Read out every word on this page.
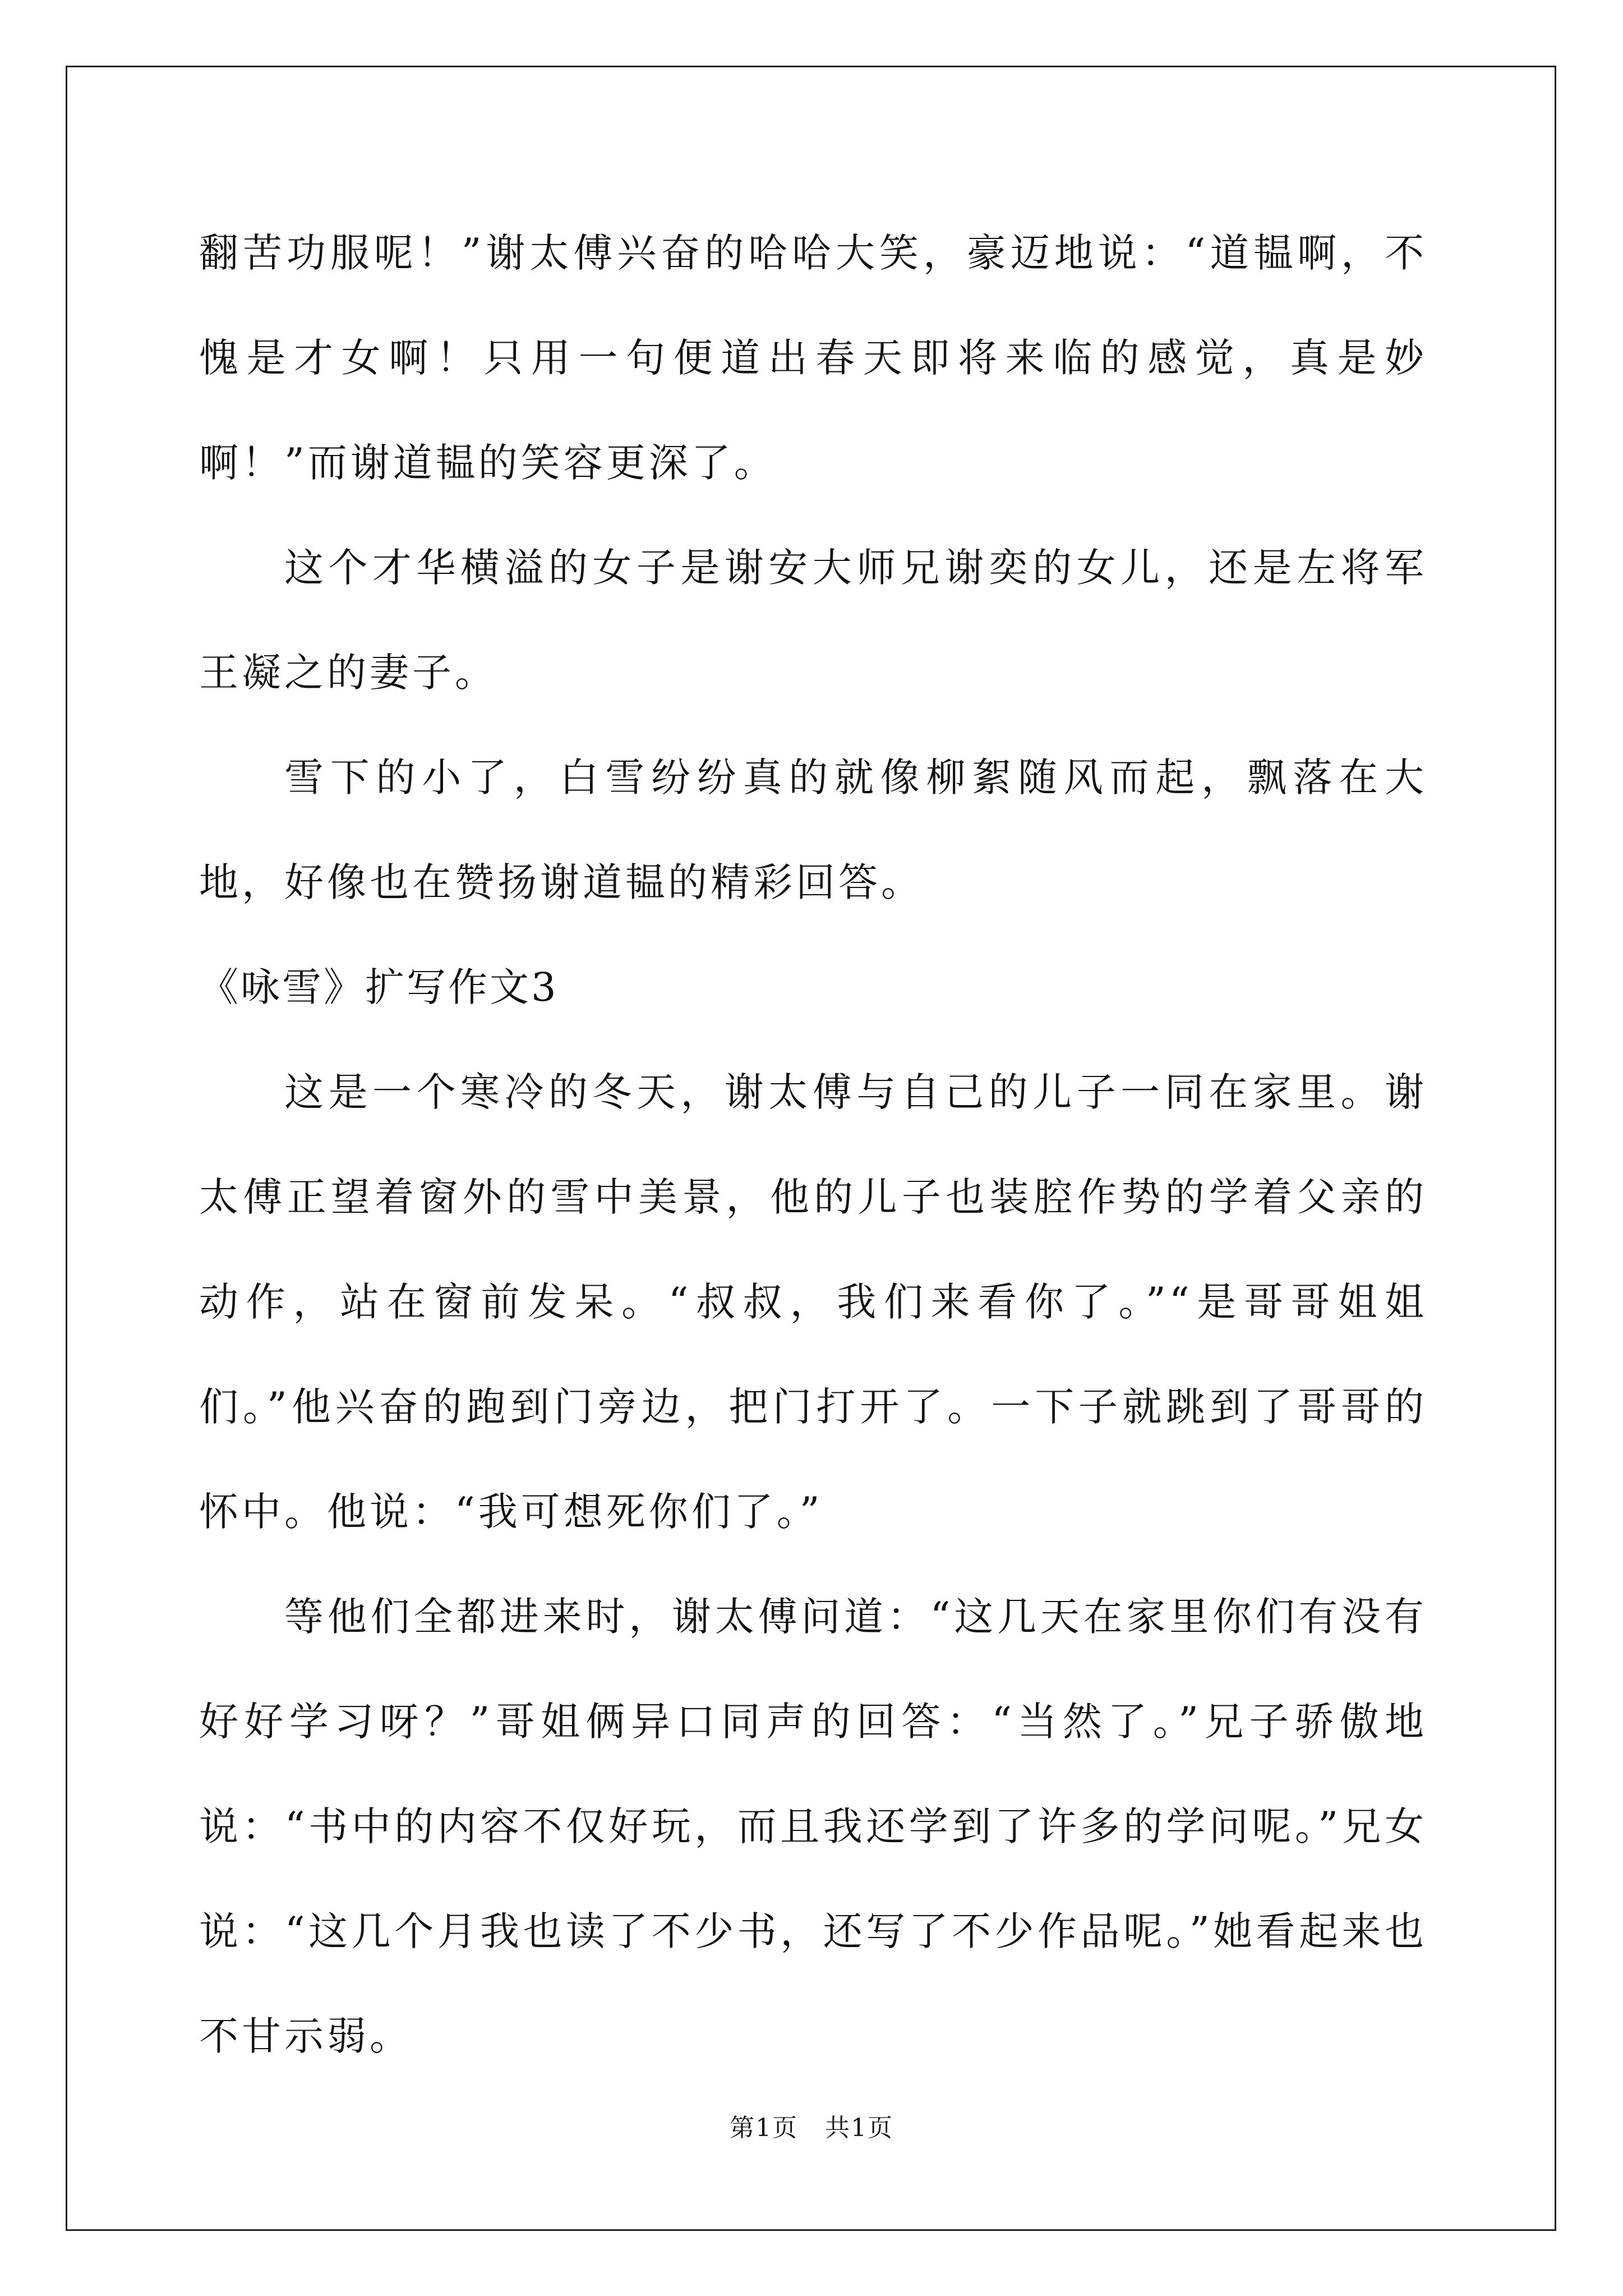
翻苦功服呢！”谢太傅兴奋的哈哈大笑，豪迈地说：“道韫啊，不愧是才女啊！只用一句便道出春天即将来临的感觉，真是妙啊！”而谢道韫的笑容更深了。

这个才华横溢的女子是谢安大师兄谢奕的女儿，还是左将军王凝之的妻子。

雪下的小了，白雪纷纷真的就像柳絮随风而起，飘落在大地，好像也在赞扬谢道韫的精彩回答。

《咏雪》扩写作文3

这是一个寒冷的冬天，谢太傅与自己的儿子一同在家里。谢太傅正望着窗外的雪中美景，他的儿子也装腔作势的学着父亲的动作，站在窗前发呆。“叔叔，我们来看你了。”“是哥哥姐姐们。”他兴奋的跑到门旁边，把门打开了。一下子就跳到了哥哥的怀中。他说：“我可想死你们了。”

等他们全都进来时，谢太傅问道：“这几天在家里你们有没有好好学习呀？”哥姐俩异口同声的回答：“当然了。”兄子骄傲地说：“书中的内容不仅好玩，而且我还学到了许多的学问呢。”兄女说：“这几个月我也读了不少书，还写了不少作品呢。”她看起来也不甘示弱。

第1页   共1页
